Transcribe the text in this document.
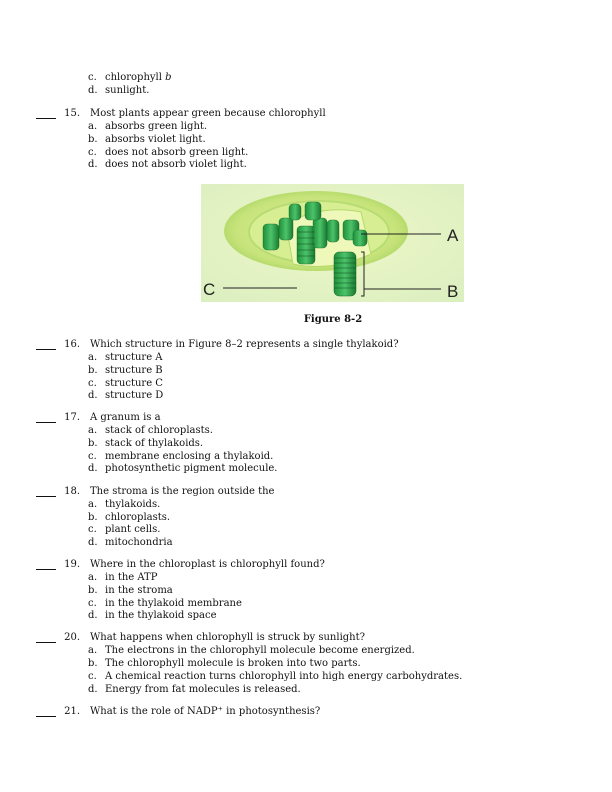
c. chlorophyll b
d. sunlight.
15. Most plants appear green because chlorophyll
a. absorbs green light.
b. absorbs violet light.
c. does not absorb green light.
d. does not absorb violet light.
A
B
C
Figure 8-2
16. Which structure in Figure 8–2 represents a single thylakoid?
a. structure A
b. structure B
c. structure C
d. structure D
17. A granum is a
a. stack of chloroplasts.
b. stack of thylakoids.
c. membrane enclosing a thylakoid.
d. photosynthetic pigment molecule.
18. The stroma is the region outside the
a. thylakoids.
b. chloroplasts.
c. plant cells.
d. mitochondria
19. Where in the chloroplast is chlorophyll found?
a. in the ATP
b. in the stroma
c. in the thylakoid membrane
d. in the thylakoid space
20. What happens when chlorophyll is struck by sunlight?
a. The electrons in the chlorophyll molecule become energized.
b. The chlorophyll molecule is broken into two parts.
c. A chemical reaction turns chlorophyll into high energy carbohydrates.
d. Energy from fat molecules is released.
21. What is the role of NADP⁺ in photosynthesis?
